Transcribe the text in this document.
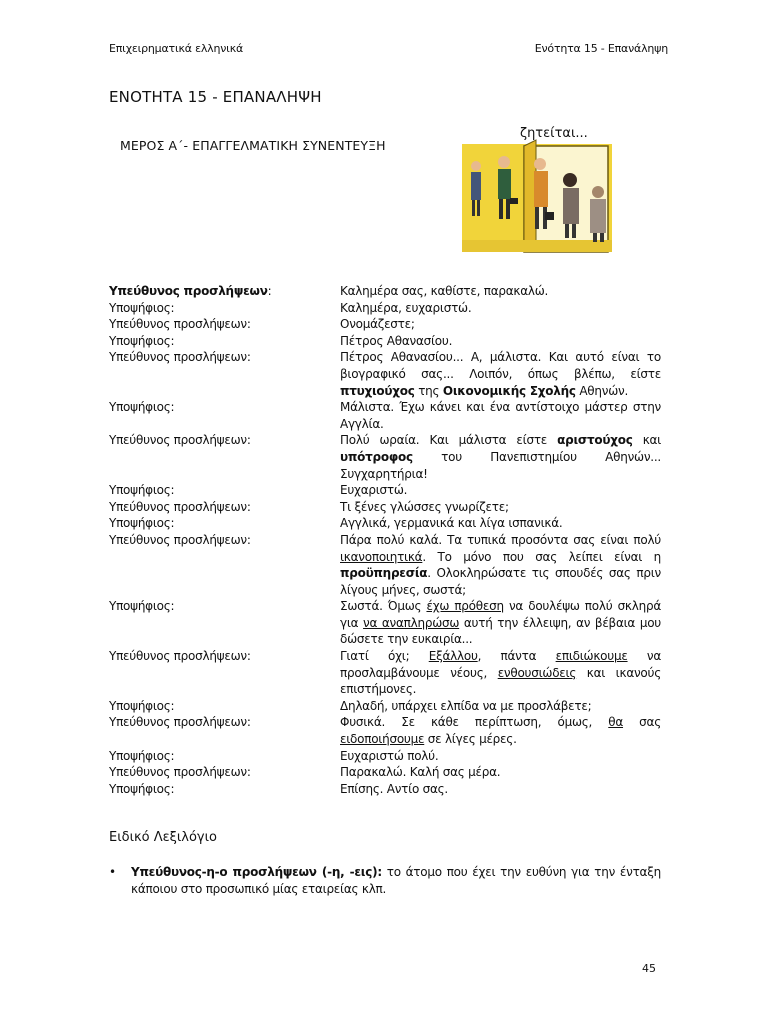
Επιχειρηματικά ελληνικά	Ενότητα 15 - Επανάληψη
ΕΝΟΤΗΤΑ 15 - ΕΠΑΝΑΛΗΨΗ
ΜΕΡΟΣ Α΄- ΕΠΑΓΓΕΛΜΑΤΙΚΗ ΣΥΝΕΝΤΕΥΞΗ
ζητείται...
Υπεύθυνος προσλήψεων:	Καλημέρα σας, καθίστε, παρακαλώ.
Υποψήφιος:	Καλημέρα, ευχαριστώ.
Υπεύθυνος προσλήψεων:	Ονομάζεστε;
Υποψήφιος:	Πέτρος Αθανασίου.
Υπεύθυνος προσλήψεων:	Πέτρος Αθανασίου... Α, μάλιστα. Και αυτό είναι το βιογραφικό σας... Λοιπόν, όπως βλέπω, είστε πτυχιούχος της Οικονομικής Σχολής Αθηνών.
Υποψήφιος:	Μάλιστα. Έχω κάνει και ένα αντίστοιχο μάστερ στην Αγγλία.
Υπεύθυνος προσλήψεων:	Πολύ ωραία. Και μάλιστα είστε αριστούχος και υπότροφος του Πανεπιστημίου Αθηνών... Συγχαρητήρια!
Υποψήφιος:	Ευχαριστώ.
Υπεύθυνος προσλήψεων:	Τι ξένες γλώσσες γνωρίζετε;
Υποψήφιος:	Αγγλικά, γερμανικά και λίγα ισπανικά.
Υπεύθυνος προσλήψεων:	Πάρα πολύ καλά. Τα τυπικά προσόντα σας είναι πολύ ικανοποιητικά. Το μόνο που σας λείπει είναι η προϋπηρεσία. Ολοκληρώσατε τις σπουδές σας πριν λίγους μήνες, σωστά;
Υποψήφιος:	Σωστά. Όμως έχω πρόθεση να δουλέψω πολύ σκληρά για να αναπληρώσω αυτή την έλλειψη, αν βέβαια μου δώσετε την ευκαιρία...
Υπεύθυνος προσλήψεων:	Γιατί όχι; Εξάλλου, πάντα επιδιώκουμε να προσλαμβάνουμε νέους, ενθουσιώδεις και ικανούς επιστήμονες.
Υποψήφιος:	Δηλαδή, υπάρχει ελπίδα να με προσλάβετε;
Υπεύθυνος προσλήψεων:	Φυσικά. Σε κάθε περίπτωση, όμως, θα σας ειδοποιήσουμε σε λίγες μέρες.
Υποψήφιος:	Ευχαριστώ πολύ.
Υπεύθυνος προσλήψεων:	Παρακαλώ. Καλή σας μέρα.
Υποψήφιος:	Επίσης. Αντίο σας.
Ειδικό Λεξιλόγιο
•	Υπεύθυνος-η-ο προσλήψεων (-η, -εις): το άτομο που έχει την ευθύνη για την ένταξη κάποιου στο προσωπικό μίας εταιρείας κλπ.
45
